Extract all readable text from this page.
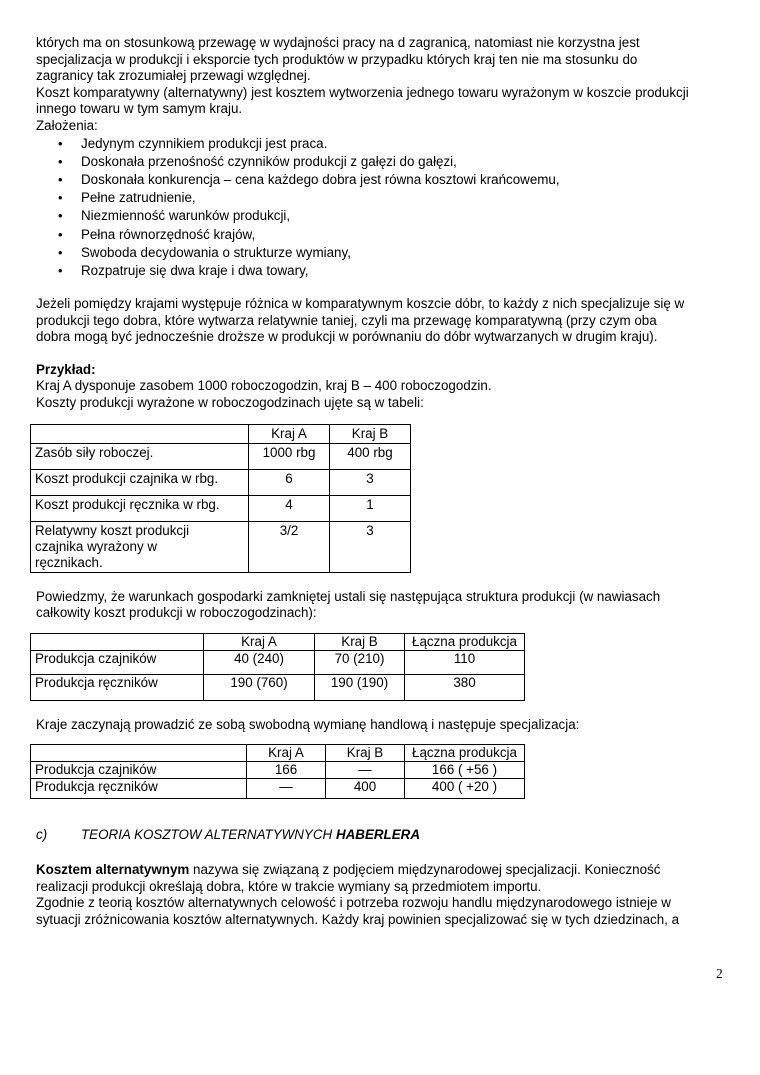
których ma on stosunkową przewagę w wydajności pracy na d zagranicą, natomiast nie korzystna jest
specjalizacja w produkcji i eksporcie tych produktów w przypadku których kraj ten nie ma stosunku do
zagranicy tak zrozumiałej przewagi względnej.

Koszt komparatywny (alternatywny) jest kosztem wytworzenia jednego towaru wyrażonym w koszcie produkcji
innego towaru w tym samym kraju.

Założenia:

• Jedynym czynnikiem produkcji jest praca.
• Doskonała przenośność czynników produkcji z gałęzi do gałęzi,
• Doskonała konkurencja – cena każdego dobra jest równa kosztowi krańcowemu,
• Pełne zatrudnienie,
• Niezmienność warunków produkcji,
• Pełna równorzędność krajów,
• Swoboda decydowania o strukturze wymiany,
• Rozpatruje się dwa kraje i dwa towary,

Jeżeli pomiędzy krajami występuje różnica w komparatywnym koszcie dóbr, to każdy z nich specjalizuje się w
produkcji tego dobra, które wytwarza relatywnie taniej, czyli ma przewagę komparatywną (przy czym oba
dobra mogą być jednocześnie droższe w produkcji w porównaniu do dóbr wytwarzanych w drugim kraju).

Przykład:

Kraj A dysponuje zasobem 1000 roboczogodzin, kraj B – 400 roboczogodzin.
Koszty produkcji wyrażone w roboczogodzinach ujęte są w tabeli:

	Kraj A	Kraj B
Zasób siły roboczej.	1000 rbg	400 rbg
Koszt produkcji czajnika w rbg.	6	3
Koszt produkcji ręcznika w rbg.	4	1
Relatywny koszt produkcji czajnika wyrażony w ręcznikach.	3/2	3

Powiedzmy, że warunkach gospodarki zamkniętej ustali się następująca struktura produkcji (w nawiasach
całkowity koszt produkcji w roboczogodzinach):

	Kraj A	Kraj B	Łączna produkcja
Produkcja czajników	40 (240)	70 (210)	110
Produkcja ręczników	190 (760)	190 (190)	380

Kraje zaczynają prowadzić ze sobą swobodną wymianę handlową i następuje specjalizacja:

	Kraj A	Kraj B	Łączna produkcja
Produkcja czajników	166	—	166 ( +56 )
Produkcja ręczników	—	400	400 ( +20 )
c)	TEORIA KOSZTOW ALTERNATYWNYCH HABERLERA

Kosztem alternatywnym nazywa się związaną z podjęciem międzynarodowej specjalizacji. Konieczność
realizacji produkcji określają dobra, które w trakcie wymiany są przedmiotem importu.
Zgodnie z teorią kosztów alternatywnych celowość i potrzeba rozwoju handlu międzynarodowego istnieje w
sytuacji zróżnicowania kosztów alternatywnych. Każdy kraj powinien specjalizować się w tych dziedzinach, a

2
